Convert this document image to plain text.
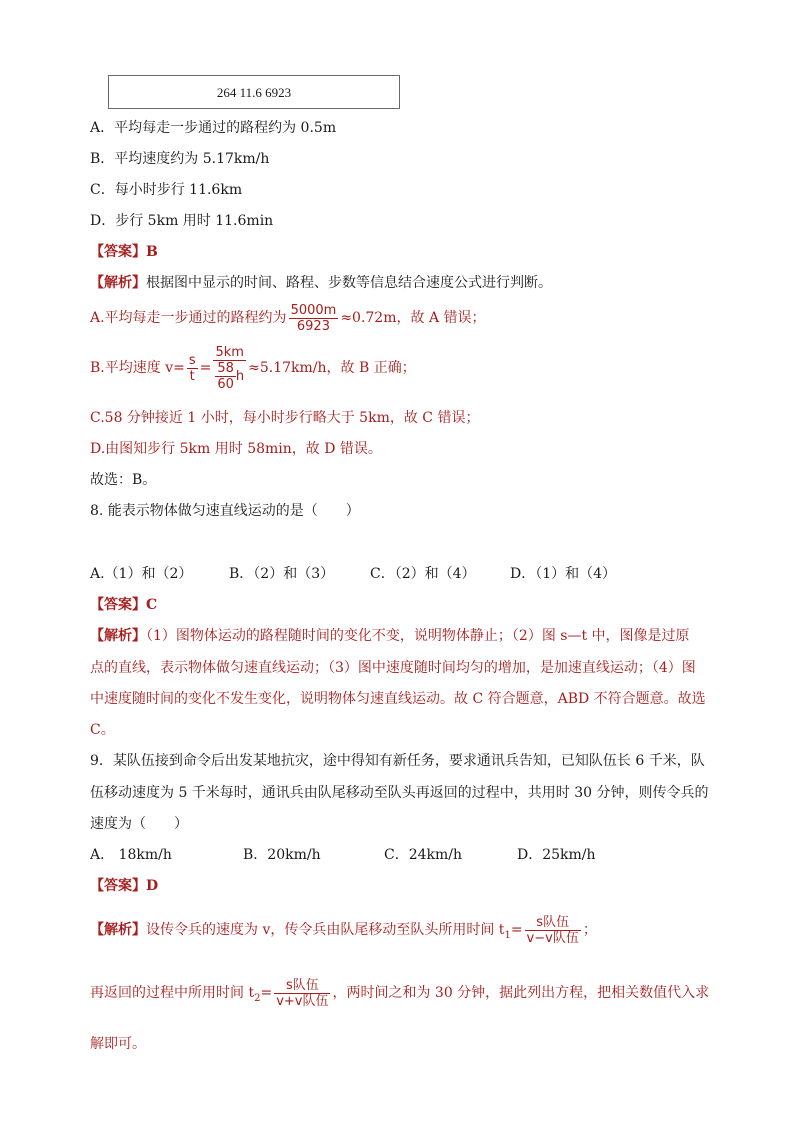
264 11.6 6923
A．平均每走一步通过的路程约为 0.5m
B．平均速度约为 5.17km/h
C．每小时步行 11.6km
D．步行 5km 用时 11.6min
【答案】B
【解析】根据图中显示的时间、路程、步数等信息结合速度公式进行判断。
A.平均每走一步通过的路程约为 $\frac{5000m}{6923} \approx 0.72m$，故 A 错误；
B.平均速度 $v= \frac{s}{t} = \frac{5km}{\frac{58}{60} h} \approx 5.17km/h$，故 B 正确；
C.58 分钟接近 1 小时，每小时步行略大于 5km，故 C 错误；
D.由图知步行 5km 用时 58min，故 D 错误。
故选：B。
8. 能表示物体做匀速直线运动的是（　　）
A.（1）和（2）	B．（2）和（3）	C．（2）和（4） D．（1）和（4）
【答案】C
【解析】（1）图物体运动的路程随时间的变化不变，说明物体静止；（2）图 s—t 中，图像是过原
点的直线，表示物体做匀速直线运动；（3）图中速度随时间均匀的增加，是加速直线运动；（4）图
中速度随时间的变化不发生变化，说明物体匀速直线运动。故 C 符合题意，ABD 不符合题意。故选
C。
9．某队伍接到命令后出发某地抗灾，途中得知有新任务，要求通讯兵告知，已知队伍长 6 千米，队
伍移动速度为 5 千米每时，通讯兵由队尾移动至队头再返回的过程中，共用时 30 分钟，则传令兵的
速度为（　　）
A． 18km/h	B．20km/h	C．24km/h	D．25km/h
【答案】D
【解析】设传令兵的速度为 v，传令兵由队尾移动至队头所用时间 $t_1= \frac{\text{s队伍}}{\text{v−v队伍}}$ ；
再返回的过程中所用时间 $t_2= \frac{\text{s队伍}}{\text{v+v队伍}}$ ，两时间之和为 30 分钟，据此列出方程，把相关数值代入求
解即可。
